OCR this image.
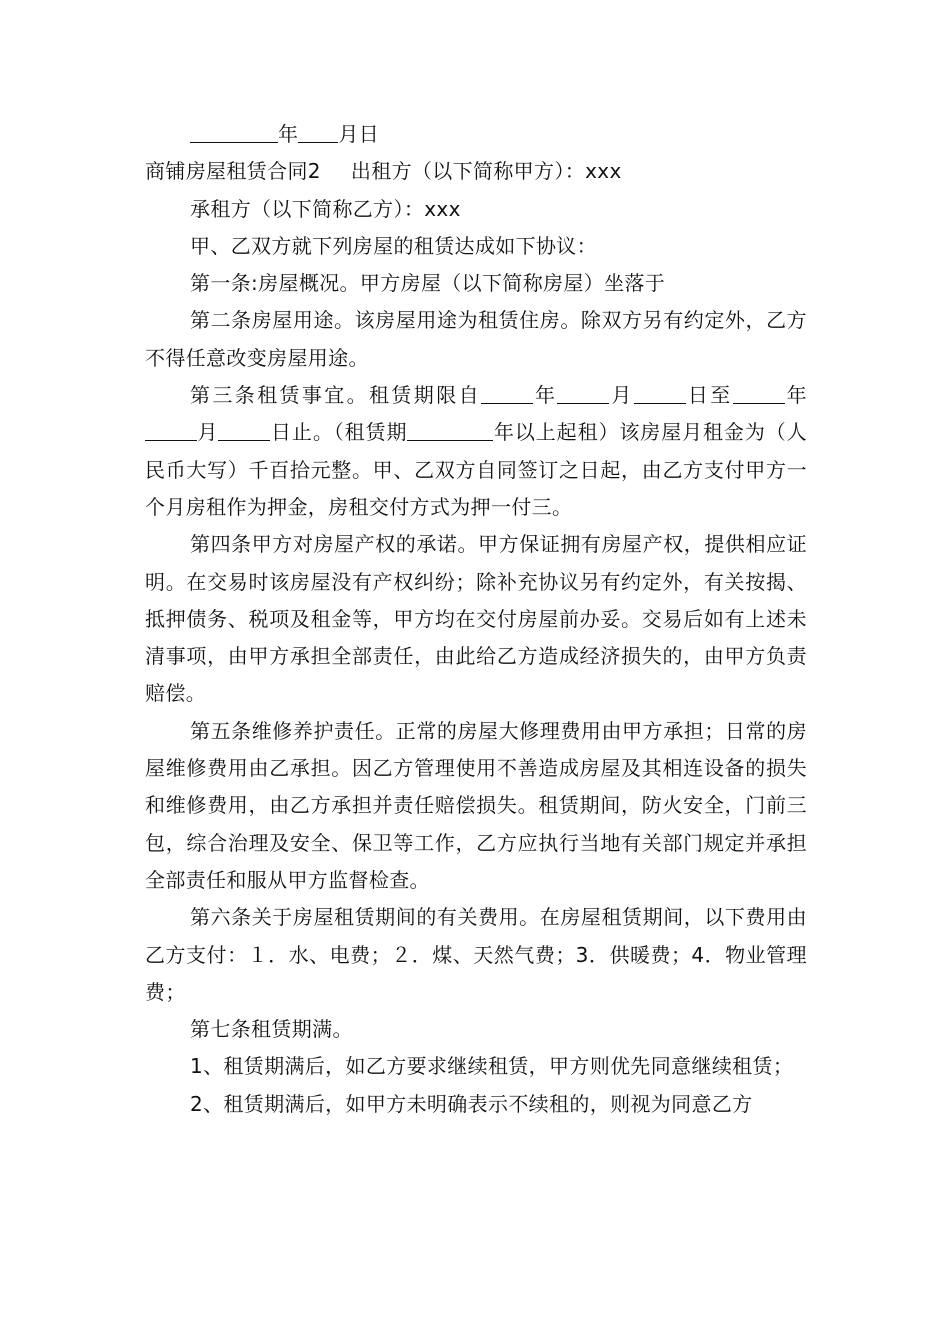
年 月日

商铺房屋租赁合同2 出租方（以下简称甲方）：xxx

承租方（以下简称乙方）：xxx

甲、乙双方就下列房屋的租赁达成如下协议：

第一条:房屋概况。甲方房屋（以下简称房屋）坐落于

第二条房屋用途。该房屋用途为租赁住房。除双方另有约定外，乙方不得任意改变房屋用途。

第三条租赁事宜。租赁期限自	年	月	日至	年月	日止。（租赁期	年以上起租）该房屋月租金为（人民币大写）千百拾元整。甲、乙双方自同签订之日起，由乙方支付甲方一个月房租作为押金，房租交付方式为押一付三。

第四条甲方对房屋产权的承诺。甲方保证拥有房屋产权，提供相应证明。在交易时该房屋没有产权纠纷；除补充协议另有约定外，有关按揭、抵押债务、税项及租金等，甲方均在交付房屋前办妥。交易后如有上述未清事项，由甲方承担全部责任，由此给乙方造成经济损失的，由甲方负责赔偿。

第五条维修养护责任。正常的房屋大修理费用由甲方承担；日常的房屋维修费用由乙承担。因乙方管理使用不善造成房屋及其相连设备的损失和维修费用，由乙方承担并责任赔偿损失。租赁期间，防火安全，门前三包，综合治理及安全、保卫等工作，乙方应执行当地有关部门规定并承担全部责任和服从甲方监督检查。

第六条关于房屋租赁期间的有关费用。在房屋租赁期间，以下费用由乙方支付：１．水、电费；２．煤、天然气费；3．供暖费；4．物业管理费；

第七条租赁期满。

1、租赁期满后，如乙方要求继续租赁，甲方则优先同意继续租赁；

2、租赁期满后，如甲方未明确表示不续租的，则视为同意乙方
